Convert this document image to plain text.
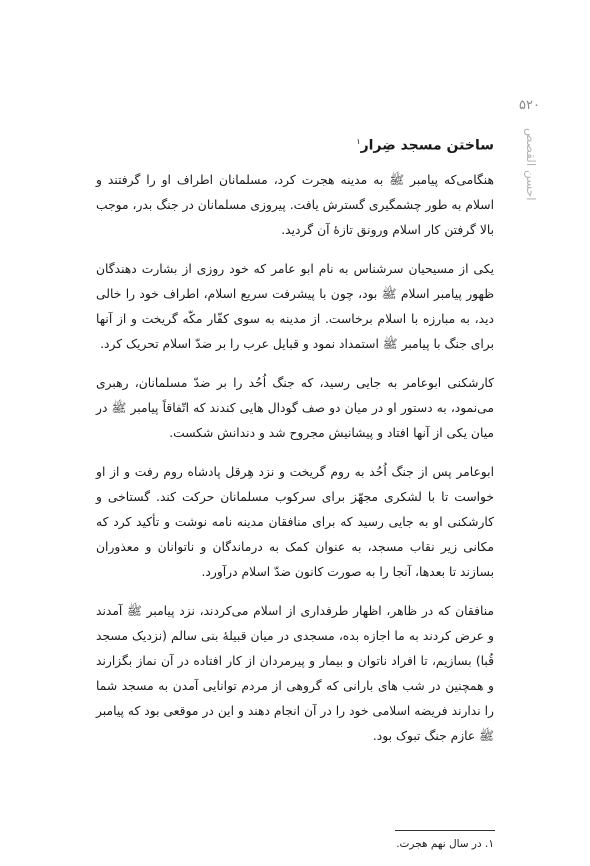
۵۲۰
احسن القصص
ساختن مسجد ضِرار$^۱$

هنگامی‌که پیامبر ﷺ به مدینه هجرت کرد، مسلمانان اطراف او را گرفتند و اسلام به طور چشمگیری گسترش یافت. پیروزی مسلمانان در جنگ بدر، موجب بالا گرفتن کار اسلام ورونق تازهٔ آن گردید.

یکی از مسیحیان سرشناس به نام ابو عامر که خود روزی از بشارت دهندگان ظهور پیامبر اسلام ﷺ بود، چون با پیشرفت سریع اسلام، اطراف خود را خالی دید، به مبارزه با اسلام برخاست. از مدینه به سوی کفّار مکّه گریخت و از آنها برای جنگ با پیامبر ﷺ استمداد نمود و قبایل عرب را بر ضدّ اسلام تحریک کرد.

کارشکنی ابوعامر به جایی رسید، که جنگ اُحُد را بر ضدّ مسلمانان، رهبری می‌نمود، به دستور او در میان دو صف گودال هایی کندند که اتّفاقاً پیامبر ﷺ در میان یکی از آنها افتاد و پیشانیش مجروح شد و دندانش شکست.

ابوعامر پس از جنگ اُحُد به روم گریخت و نزد هِرقل پادشاه روم رفت و از او خواست تا با لشکری مجهّز برای سرکوب مسلمانان حرکت کند. گستاخی و کارشکنی او به جایی رسید که برای منافقان مدینه نامه نوشت و تأکید کرد که مکانی زیر نقاب مسجد، به عنوان کمک به درماندگان و ناتوانان و معذوران بسازند تا بعدها، آنجا را به صورت کانون ضدّ اسلام درآورد.

منافقان که در ظاهر، اظهار طرفداری از اسلام می‌کردند، نزد پیامبر ﷺ آمدند و عرض کردند به ما اجازه بده، مسجدی در میان قبیلهٔ بنی سالم (نزدیک مسجد قُبا) بسازیم، تا افراد ناتوان و بیمار و پیرمردان از کار افتاده در آن نماز بگزارند و همچنین در شب های بارانی که گروهی از مردم توانایی آمدن به مسجد شما را ندارند فریضه اسلامی خود را در آن انجام دهند و این در موقعی بود که پیامبر ﷺ عازم جنگ تبوک بود.

۱. در سال نهم هجرت.
